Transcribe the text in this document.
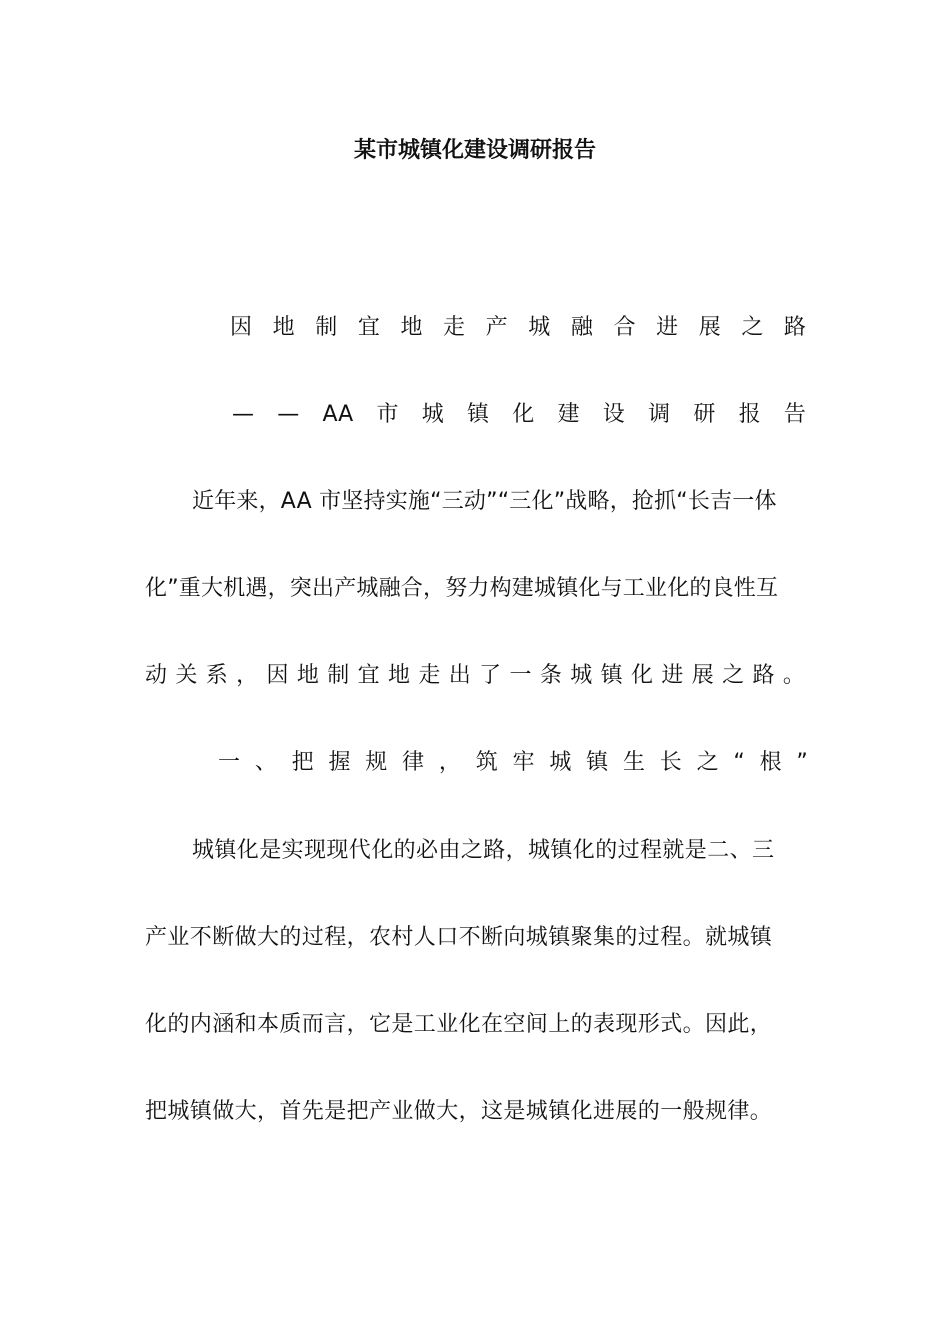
某市城镇化建设调研报告
因 地 制 宜 地 走 产 城 融 合 进 展 之 路
— — AA 市 城 镇 化 建 设 调 研 报 告
近年来，AA 市坚持实施“三动”“三化”战略，抢抓“长吉一体
化”重大机遇，突出产城融合，努力构建城镇化与工业化的良性互
动 关 系 ， 因 地 制 宜 地 走 出 了 一 条 城 镇 化 进 展 之 路 。
一 、 把 握 规 律 ， 筑 牢 城 镇 生 长 之 “ 根 ”
城镇化是实现现代化的必由之路，城镇化的过程就是二、三
产业不断做大的过程，农村人口不断向城镇聚集的过程。就城镇
化的内涵和本质而言，它是工业化在空间上的表现形式。因此，
把城镇做大，首先是把产业做大，这是城镇化进展的一般规律。
